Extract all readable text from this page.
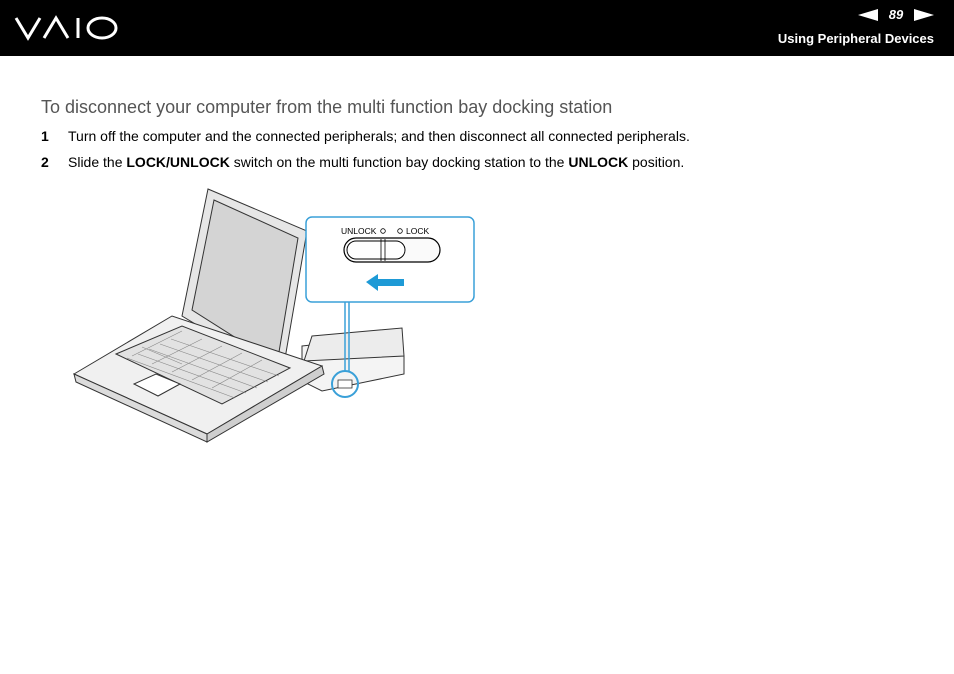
89
Using Peripheral Devices
To disconnect your computer from the multi function bay docking station
1	Turn off the computer and the connected peripherals; and then disconnect all connected peripherals.
2	Slide the LOCK/UNLOCK switch on the multi function bay docking station to the UNLOCK position.
UNLOCK	LOCK
